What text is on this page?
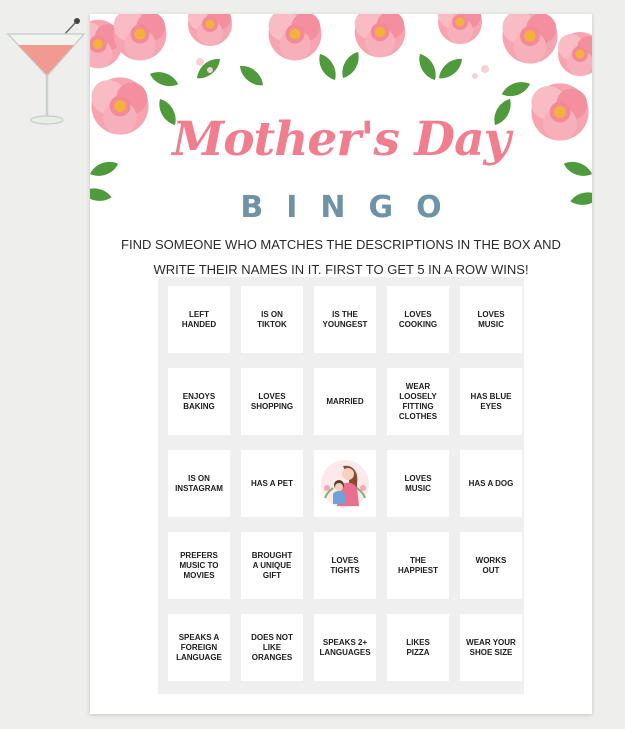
Mother's Day
BINGO
FIND SOMEONE WHO MATCHES THE DESCRIPTIONS IN THE BOX AND
WRITE THEIR NAMES IN IT. FIRST TO GET 5 IN A ROW WINS!
LEFT
HANDED
IS ON
TIKTOK
IS THE
YOUNGEST
LOVES
COOKING
LOVES
MUSIC
ENJOYS
BAKING
LOVES
SHOPPING
MARRIED
WEAR
LOOSELY
FITTING
CLOTHES
HAS BLUE
EYES
IS ON
INSTAGRAM
HAS A PET
LOVES
MUSIC
HAS A DOG
PREFERS
MUSIC TO
MOVIES
BROUGHT
A UNIQUE
GIFT
LOVES
TIGHTS
THE
HAPPIEST
WORKS
OUT
SPEAKS A
FOREIGN
LANGUAGE
DOES NOT
LIKE
ORANGES
SPEAKS 2+
LANGUAGES
LIKES
PIZZA
WEAR YOUR
SHOE SIZE
